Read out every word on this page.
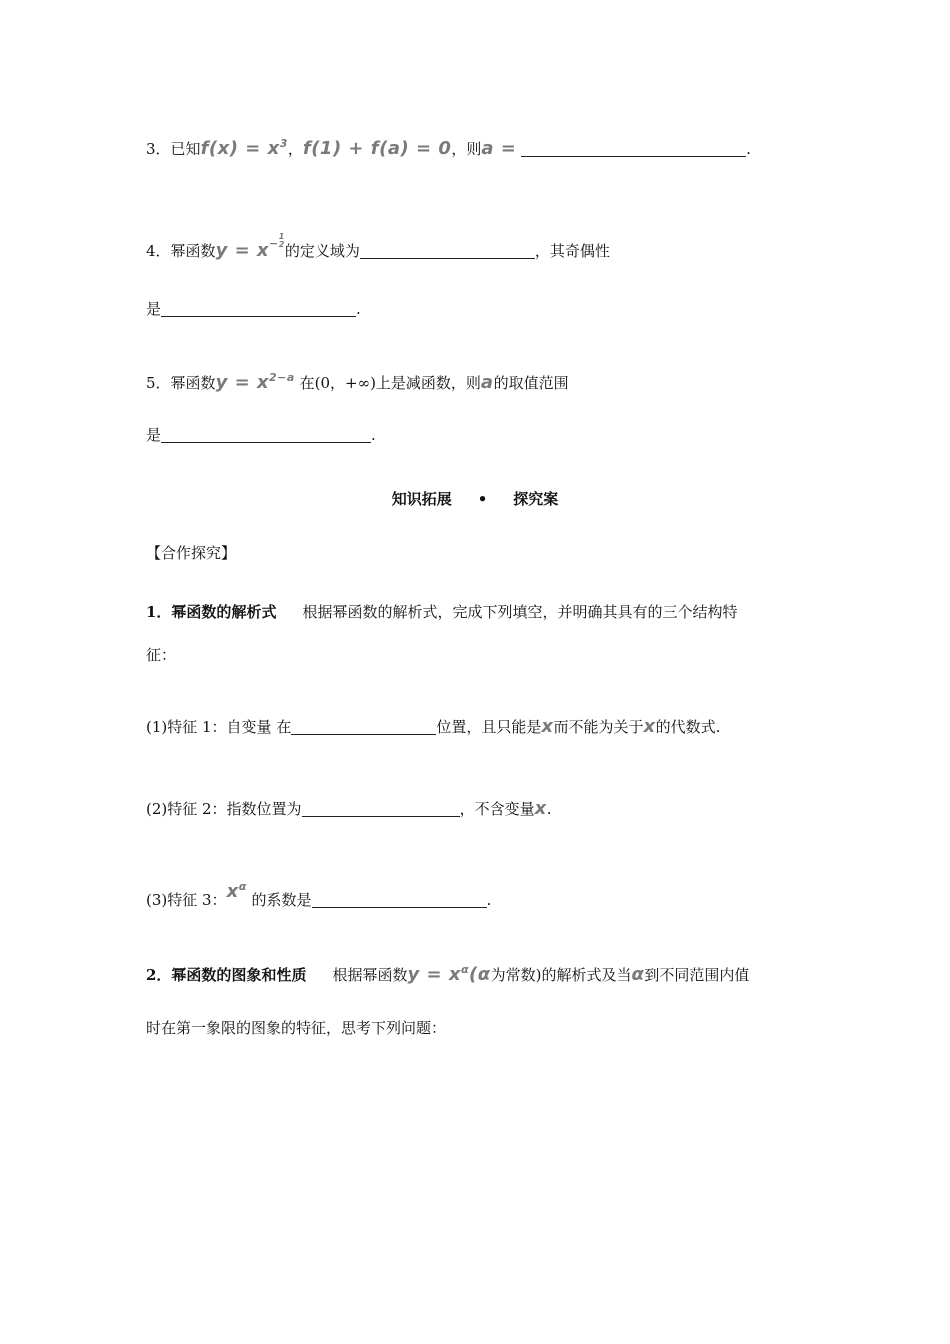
3．已知$f(x) = x^3$，f(1) + f(a) = 0，则a =	.
4．幂函数y = x−1
2的定义域为	，其奇偶性
是	.
5．幂函数$y = x^{2-a}$ 在(0，+∞)上是减函数，则a的取值范围
是	.
知识拓展 • 探究案
【合作探究】
1．幂函数的解析式 根据幂函数的解析式，完成下列填空，并明确其具有的三个结构特
征：
(1)特征 1：自变量 在	位置，且只能是x而不能为关于x的代数式.
(2)特征 2：指数位置为	，不含变量x.
(3)特征 3：$x^\alpha$ 的系数是	.
2．幂函数的图象和性质 根据幂函数$y = x^\alpha(\alpha$为常数)的解析式及当α到不同范围内值
时在第一象限的图象的特征，思考下列问题：
